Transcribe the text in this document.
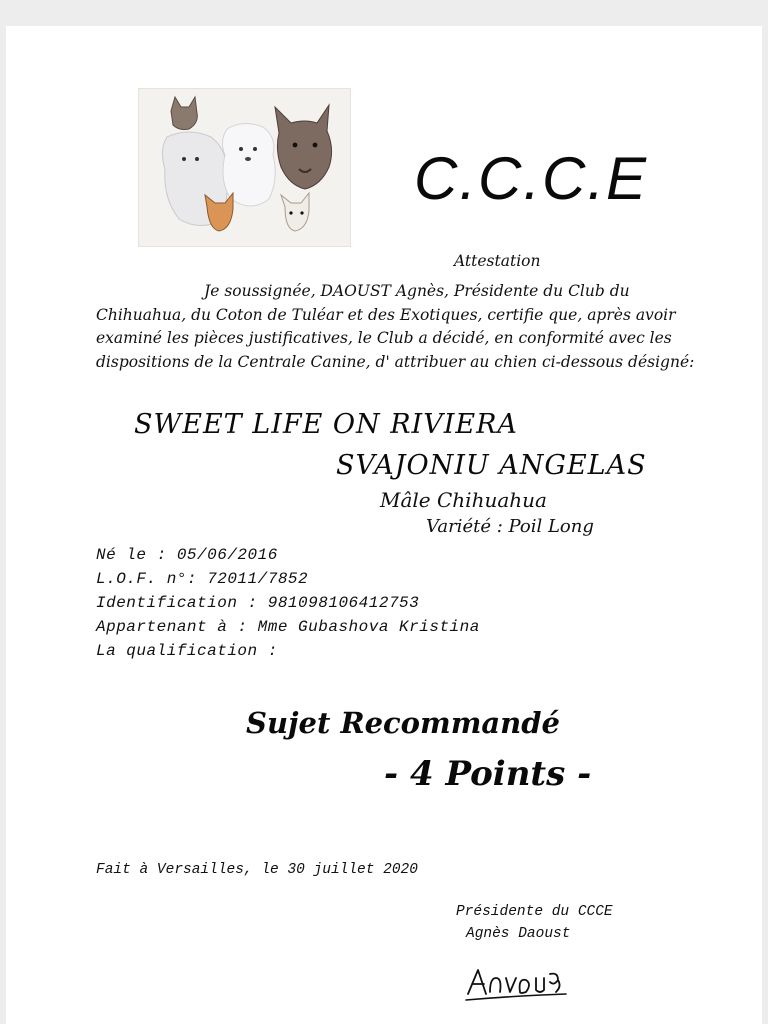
C.C.C.E
Attestation
Je soussignée, DAOUST Agnès, Présidente du Club du
Chihuahua, du Coton de Tuléar et des Exotiques, certifie que, après avoir
examiné les pièces justificatives, le Club a décidé, en conformité avec les
dispositions de la Centrale Canine, d' attribuer au chien ci-dessous désigné:
SWEET LIFE ON RIVIERA
SVAJONIU ANGELAS
Mâle Chihuahua
Variété : Poil Long
Né le : 05/06/2016
L.O.F. n°: 72011/7852
Identification : 981098106412753
Appartenant à : Mme Gubashova Kristina
La qualification :
Sujet Recommandé
- 4 Points -
Fait à Versailles, le 30 juillet 2020
Présidente du CCCE
Agnès Daoust
